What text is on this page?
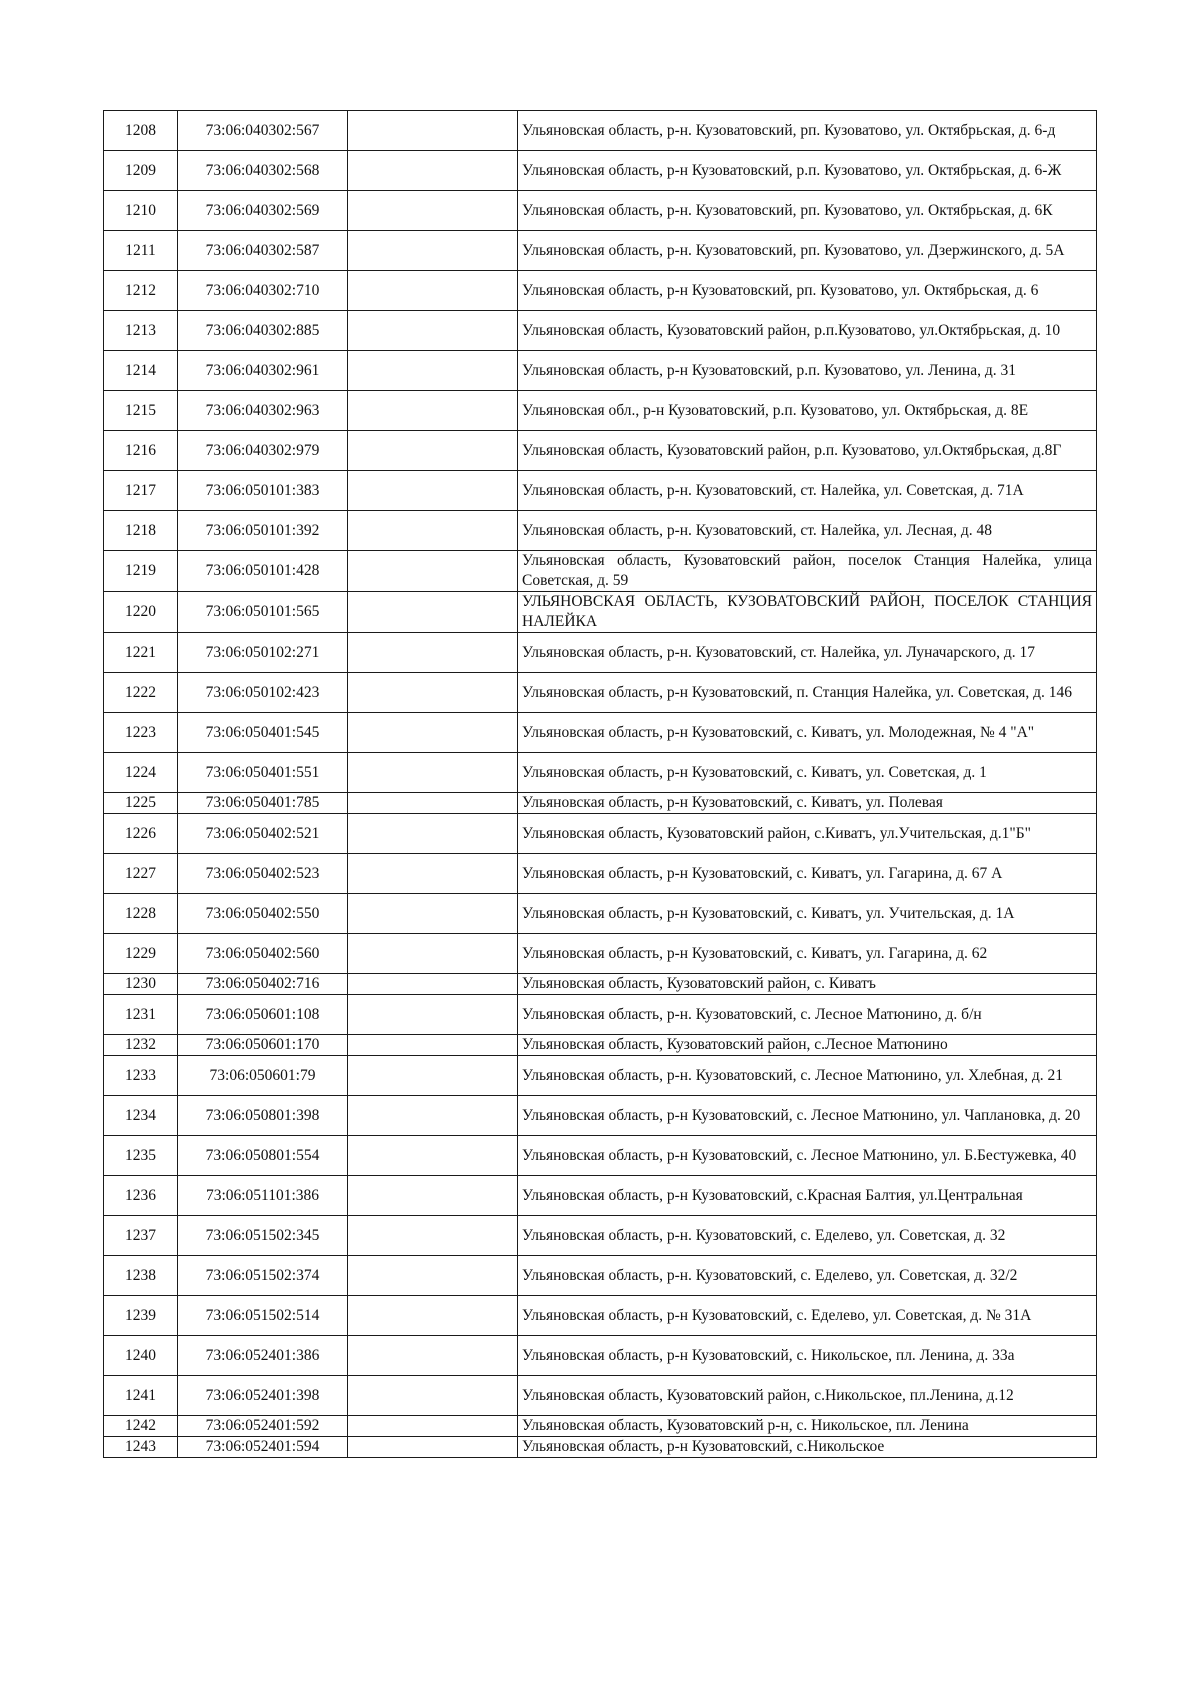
1208	73:06:040302:567		Ульяновская область, р-н. Кузоватовский, рп. Кузоватово, ул. Октябрьская, д. 6-д
1209	73:06:040302:568		Ульяновская область, р-н Кузоватовский, р.п. Кузоватово, ул. Октябрьская, д. 6-Ж
1210	73:06:040302:569		Ульяновская область, р-н. Кузоватовский, рп. Кузоватово, ул. Октябрьская, д. 6К
1211	73:06:040302:587		Ульяновская область, р-н. Кузоватовский, рп. Кузоватово, ул. Дзержинского, д. 5А
1212	73:06:040302:710		Ульяновская область, р-н Кузоватовский, рп. Кузоватово, ул. Октябрьская, д. 6
1213	73:06:040302:885		Ульяновская область, Кузоватовский район, р.п.Кузоватово, ул.Октябрьская, д. 10
1214	73:06:040302:961		Ульяновская область, р-н Кузоватовский, р.п. Кузоватово, ул. Ленина, д. 31
1215	73:06:040302:963		Ульяновская обл., р-н Кузоватовский, р.п. Кузоватово, ул. Октябрьская, д. 8Е
1216	73:06:040302:979		Ульяновская область, Кузоватовский район, р.п. Кузоватово, ул.Октябрьская, д.8Г
1217	73:06:050101:383		Ульяновская область, р-н. Кузоватовский, ст. Налейка, ул. Советская, д. 71А
1218	73:06:050101:392		Ульяновская область, р-н. Кузоватовский, ст. Налейка, ул. Лесная, д. 48
1219	73:06:050101:428		Ульяновская область, Кузоватовский район, поселок Станция Налейка, улица Советская, д. 59
1220	73:06:050101:565		УЛЬЯНОВСКАЯ ОБЛАСТЬ, КУЗОВАТОВСКИЙ РАЙОН, ПОСЕЛОК СТАНЦИЯ НАЛЕЙКА
1221	73:06:050102:271		Ульяновская область, р-н. Кузоватовский, ст. Налейка, ул. Луначарского, д. 17
1222	73:06:050102:423		Ульяновская область, р-н Кузоватовский, п. Станция Налейка, ул. Советская, д. 146
1223	73:06:050401:545		Ульяновская область, р-н Кузоватовский, с. Киватъ, ул. Молодежная, № 4 "А"
1224	73:06:050401:551		Ульяновская область, р-н Кузоватовский, с. Киватъ, ул. Советская, д. 1
1225	73:06:050401:785		Ульяновская область, р-н Кузоватовский, с. Киватъ, ул. Полевая
1226	73:06:050402:521		Ульяновская область, Кузоватовский район, с.Киватъ, ул.Учительская, д.1"Б"
1227	73:06:050402:523		Ульяновская область, р-н Кузоватовский, с. Киватъ, ул. Гагарина, д. 67 А
1228	73:06:050402:550		Ульяновская область, р-н Кузоватовский, с. Киватъ, ул. Учительская, д. 1А
1229	73:06:050402:560		Ульяновская область, р-н Кузоватовский, с. Киватъ, ул. Гагарина, д. 62
1230	73:06:050402:716		Ульяновская область, Кузоватовский район, с. Киватъ
1231	73:06:050601:108		Ульяновская область, р-н. Кузоватовский, с. Лесное Матюнино, д. б/н
1232	73:06:050601:170		Ульяновская область, Кузоватовский район, с.Лесное Матюнино
1233	73:06:050601:79		Ульяновская область, р-н. Кузоватовский, с. Лесное Матюнино, ул. Хлебная, д. 21
1234	73:06:050801:398		Ульяновская область, р-н Кузоватовский, с. Лесное Матюнино, ул. Чаплановка, д. 20
1235	73:06:050801:554		Ульяновская область, р-н Кузоватовский, с. Лесное Матюнино, ул. Б.Бестужевка, 40
1236	73:06:051101:386		Ульяновская область, р-н Кузоватовский, с.Красная Балтия, ул.Центральная
1237	73:06:051502:345		Ульяновская область, р-н. Кузоватовский, с. Еделево, ул. Советская, д. 32
1238	73:06:051502:374		Ульяновская область, р-н. Кузоватовский, с. Еделево, ул. Советская, д. 32/2
1239	73:06:051502:514		Ульяновская область, р-н Кузоватовский, с. Еделево, ул. Советская, д. № 31А
1240	73:06:052401:386		Ульяновская область, р-н Кузоватовский, с. Никольское, пл. Ленина, д. 33а
1241	73:06:052401:398		Ульяновская область, Кузоватовский район, с.Никольское, пл.Ленина, д.12
1242	73:06:052401:592		Ульяновская область, Кузоватовский р-н, с. Никольское, пл. Ленина
1243	73:06:052401:594		Ульяновская область, р-н Кузоватовский, с.Никольское
